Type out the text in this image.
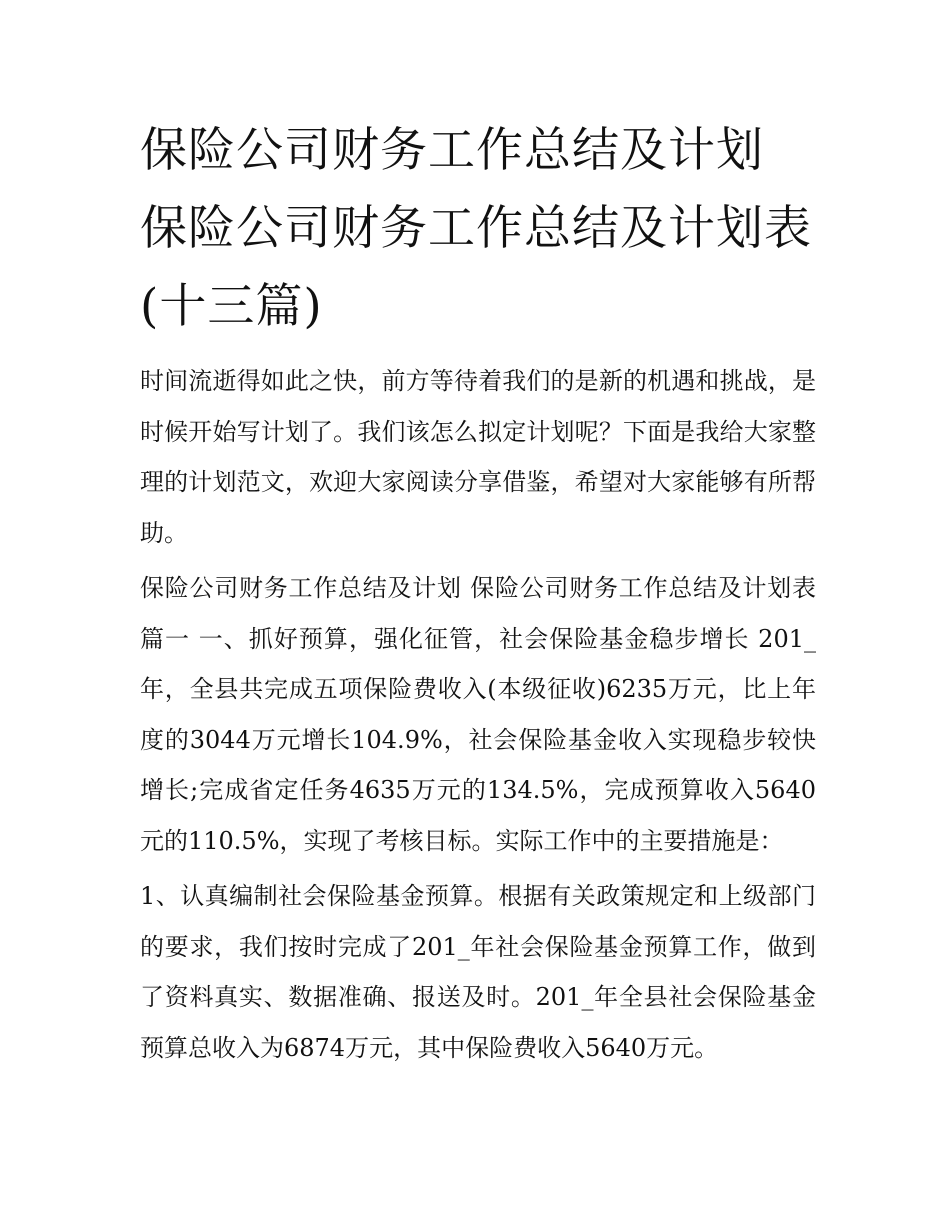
保险公司财务工作总结及计划 保险公司财务工作总结及计划表(十三篇)

时间流逝得如此之快，前方等待着我们的是新的机遇和挑战，是时候开始写计划了。我们该怎么拟定计划呢？下面是我给大家整理的计划范文，欢迎大家阅读分享借鉴，希望对大家能够有所帮助。

保险公司财务工作总结及计划 保险公司财务工作总结及计划表篇一 一、抓好预算，强化征管，社会保险基金稳步增长 201_年，全县共完成五项保险费收入(本级征收)6235万元，比上年度的3044万元增长104.9%，社会保险基金收入实现稳步较快增长;完成省定任务4635万元的134.5%，完成预算收入5640元的110.5%，实现了考核目标。实际工作中的主要措施是：

1、认真编制社会保险基金预算。根据有关政策规定和上级部门的要求，我们按时完成了201_年社会保险基金预算工作，做到了资料真实、数据准确、报送及时。201_年全县社会保险基金预算总收入为6874万元，其中保险费收入5640万元。
